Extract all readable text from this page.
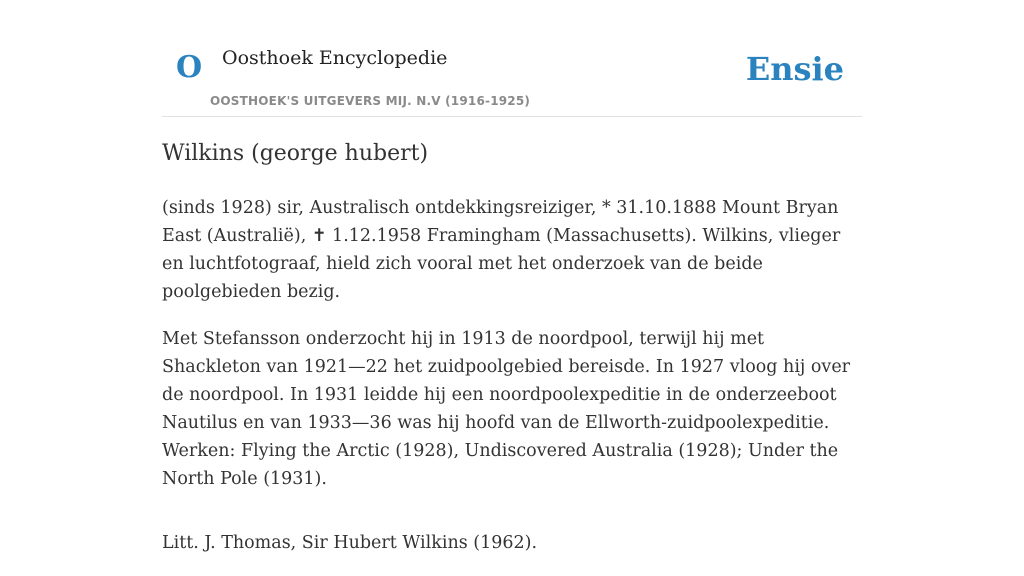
O Oosthoek Encyclopedie
OOSTHOEK'S UITGEVERS MIJ. N.V (1916-1925)
Ensie
Wilkins (george hubert)

(sinds 1928) sir, Australisch ontdekkingsreiziger, * 31.10.1888 Mount Bryan East (Australië), ✝ 1.12.1958 Framingham (Massachusetts). Wilkins, vlieger en luchtfotograaf, hield zich vooral met het onderzoek van de beide poolgebieden bezig.

Met Stefansson onderzocht hij in 1913 de noordpool, terwijl hij met Shackleton van 1921—22 het zuidpoolgebied bereisde. In 1927 vloog hij over de noordpool. In 1931 leidde hij een noordpoolexpeditie in de onderzeeboot Nautilus en van 1933—36 was hij hoofd van de Ellworth-zuidpoolexpeditie. Werken: Flying the Arctic (1928), Undiscovered Australia (1928); Under the North Pole (1931).

Litt. J. Thomas, Sir Hubert Wilkins (1962).
